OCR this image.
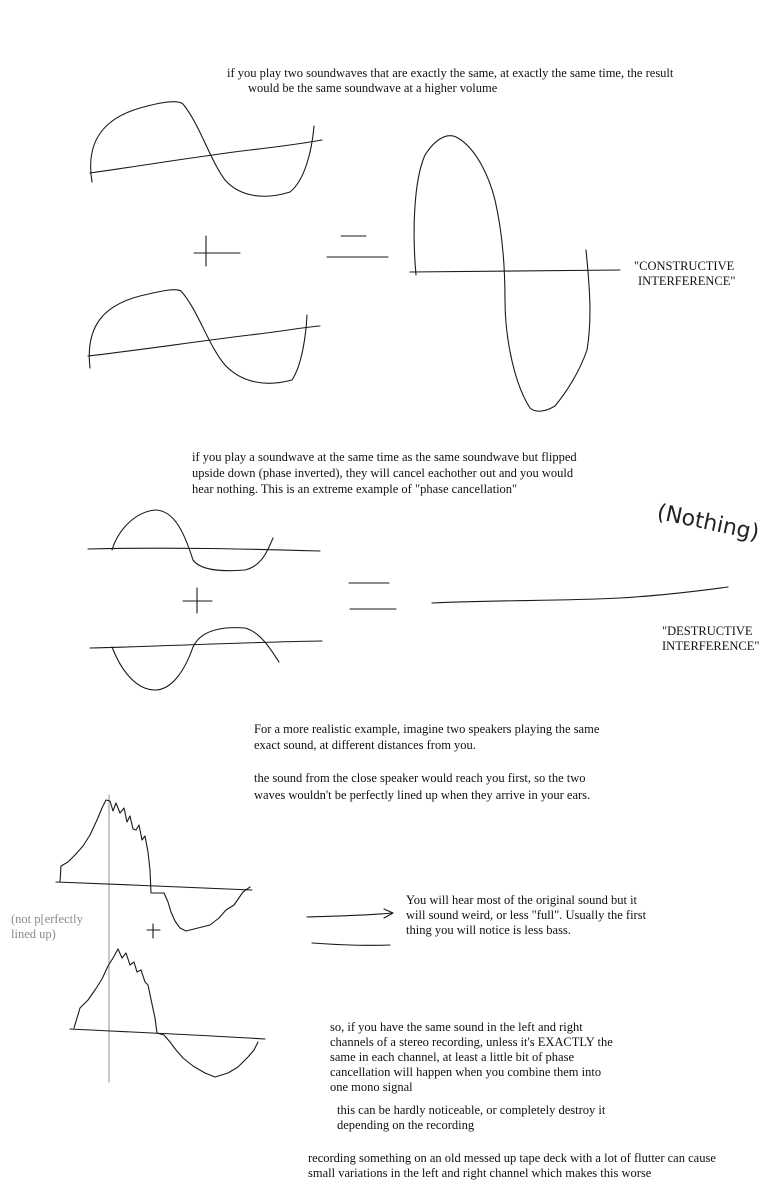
if you play two soundwaves that are exactly the same, at exactly the same time, the result
would be the same soundwave at a higher volume
"CONSTRUCTIVE
INTERFERENCE"
if you play a soundwave at the same time as the same soundwave but flipped
upside down (phase inverted), they will cancel eachother out and you would
hear nothing. This is an extreme example of "phase cancellation"
(Nothing)
"DESTRUCTIVE
INTERFERENCE"
For a more realistic example, imagine two speakers playing the same
exact sound, at different distances from you.
the sound from the close speaker would reach you first, so the two
waves wouldn't be perfectly lined up when they arrive in your ears.
(not p[erfectly
lined up)
You will hear most of the original sound but it
will sound weird, or less "full". Usually the first
thing you will notice is less bass.
so, if you have the same sound in the left and right
channels of a stereo recording, unless it's EXACTLY the
same in each channel, at least a little bit of phase
cancellation will happen when you combine them into
one mono signal
this can be hardly noticeable, or completely destroy it
depending on the recording
recording something on an old messed up tape deck with a lot of flutter can cause
small variations in the left and right channel which makes this worse
